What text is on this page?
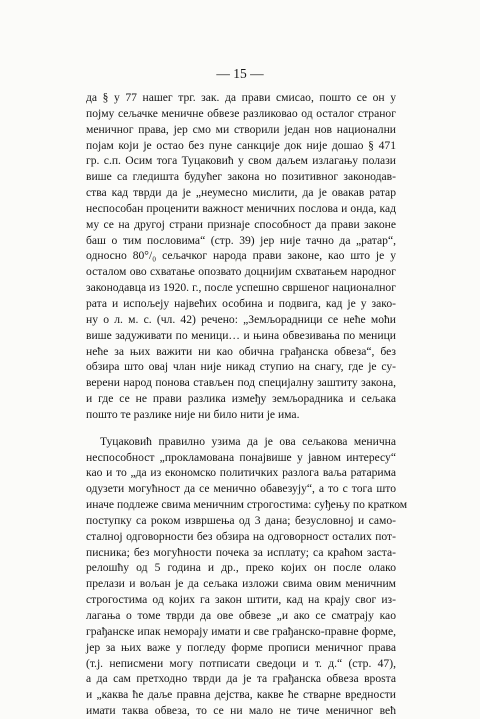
— 15 —
да § у 77 нашег трг. зак. да прави смисао, пошто се он у
појму сељачке меничне обвезе разликовао од осталог страног
меничног права, јер смо ми створили један нов национални
појам који је остао без пуне санкције док није дошао § 471
гр. с.п. Осим тога Туцаковић у свом даљем излагању полази
више са гледишта будућег закона но позитивног законодав-
ства кад тврди да је „неумесно мислити, да је овакав ратар
неспособан проценити важност меничних послова и онда, кад
му се на другој страни признаје способност да прави законе
баш о тим пословима“ (стр. 39) јер није тачно да „ратар“,
односно 80°/₀ сељачког народа прави законе, као што је у
осталом ово схватање опозвато доцнијим схватањем народног
законодавца из 1920. г., после успешно свршеног националног
рата и испољеју највећих особина и подвига, кад је у зако-
ну о л. м. с. (чл. 42) речено: „Земљорадници се неће моћи
више задуживати по меници… и њина обвезивања по меници
неће за њих важити ни као обична грађанска обвеза“, без
обзира што овај члан није никад ступио на снагу, где је су-
верени народ понова стављен под специјалну заштиту закона,
и где се не прави разлика између земљорадника и сељака
пошто те разлике није ни било нити је има.
Туцаковић правилно узима да је ова сељакова менична
неспособност „прокламована понајвише у јавном интересу“
као и то „да из економско политичких разлога ваља ратарима
одузети могућност да се менично обавезују“, а то с тога што
иначе подлеже свима меничним строгостима: суђењу по кратком
поступку са роком извршења од 3 дана; безусловној и само-
сталној одговорности без обзира на одговорност осталих пот-
писника; без могућности почека за исплату; са краћом заста-
релошћу од 5 година и др., преко којих он после олако
прелази и вољан је да сељака изложи свима овим меничним
строгостима од којих га закон штити, кад на крају свог из-
лагања о томе тврди да ове обвезе „и ако се сматрају као
грађанске ипак неморају имати и све грађанско-правне форме,
јер за њих важе у погледу форме прописи меничног права
(т.ј. неписмени могу потписати сведоци и т. д.“ (стр. 47),
а да сам претходно тврди да је та грађанска обвеза вроѕта
и „каква ће даље правна дејства, какве ће стварне вредности
имати таква обвеза, то се ни мало не тиче меничног већ
